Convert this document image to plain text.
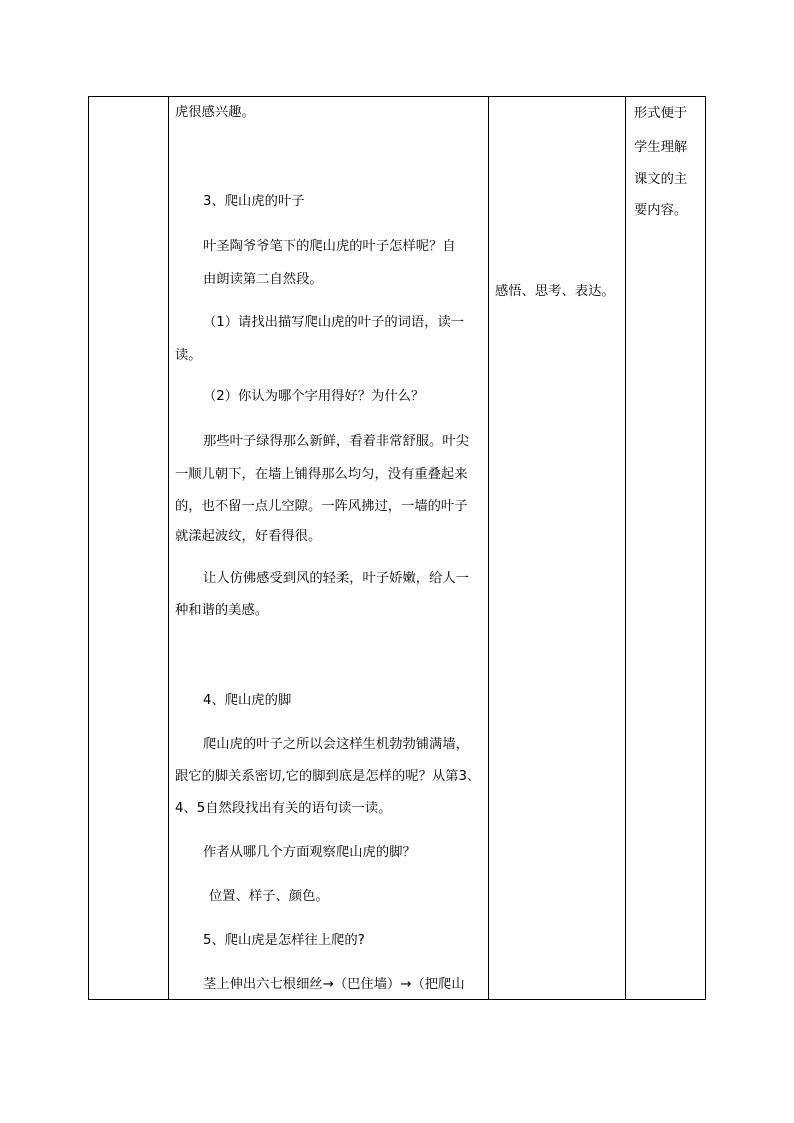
虎很感兴趣。
3、爬山虎的叶子
叶圣陶爷爷笔下的爬山虎的叶子怎样呢？自
由朗读第二自然段。
（1）请找出描写爬山虎的叶子的词语，读一
读。
（2）你认为哪个字用得好？为什么？
那些叶子绿得那么新鲜，看着非常舒服。叶尖
一顺儿朝下，在墙上铺得那么均匀，没有重叠起来
的，也不留一点儿空隙。一阵风拂过，一墙的叶子
就漾起波纹，好看得很。
让人仿佛感受到风的轻柔，叶子娇嫩，给人一
种和谐的美感。
4、爬山虎的脚
爬山虎的叶子之所以会这样生机勃勃铺满墙，
跟它的脚关系密切,它的脚到底是怎样的呢？从第3、
4、5自然段找出有关的语句读一读。
作者从哪几个方面观察爬山虎的脚？
位置、样子、颜色。
5、爬山虎是怎样往上爬的?
茎上伸出六七根细丝→（巴住墙）→（把爬山
感悟、思考、表达。
形式便于
学生理解
课文的主
要内容。
